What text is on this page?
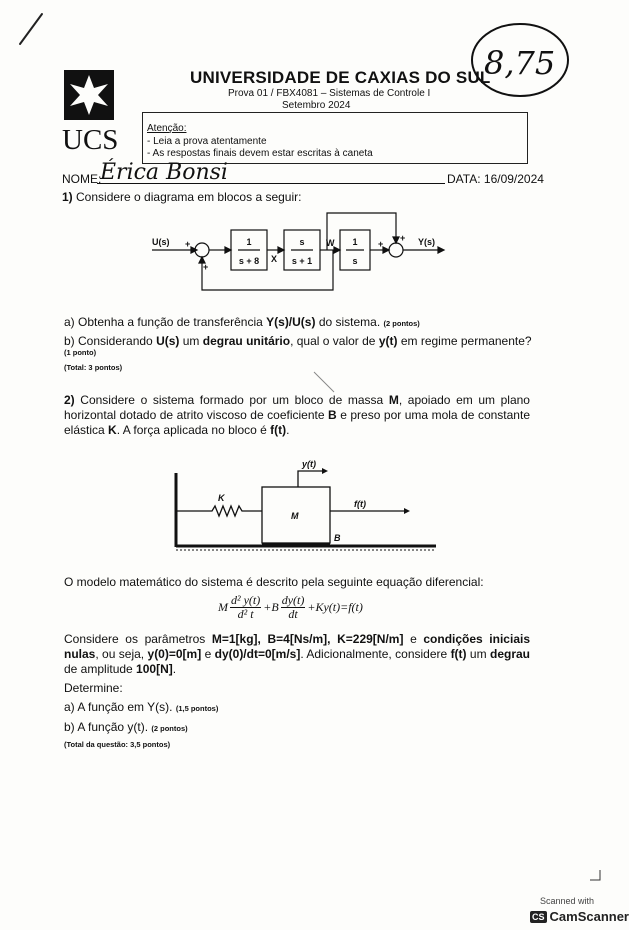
UCS
UNIVERSIDADE DE CAXIAS DO SUL
Prova 01 / FBX4081 – Sistemas de Controle I
Setembro 2024
8,75
Atenção:
- Leia a prova atentamente
- As respostas finais devem estar escritas à caneta
NOME:
Érica Bonsi	DATA: 16/09/2024
1) Considere o diagrama em blocos a seguir:
U(s)	Y(s)
1
s + 8
s
s + 1
1
s
X
W
+
+
+
+
a) Obtenha a função de transferência Y(s)/U(s) do sistema. (2 pontos)
b) Considerando U(s) um degrau unitário, qual o valor de y(t) em regime permanente?
(1 ponto)
(Total: 3 pontos)
2) Considere o sistema formado por um bloco de massa M, apoiado em um plano horizontal dotado de atrito viscoso de coeficiente B e preso por uma mola de constante elástica K. A força aplicada no bloco é f(t).
K
M
B
y(t)
f(t)
O modelo matemático do sistema é descrito pela seguinte equação diferencial:
M $\frac{\text{d² y(t)}}{\text{d² t}} +B \frac{dy(t)}{dt} +Ky(t)=f(t)$
Considere os parâmetros M=1[kg], B=4[Ns/m], K=229[N/m] e condições iniciais nulas, ou seja, y(0)=0[m] e dy(0)/dt=0[m/s]. Adicionalmente, considere f(t) um degrau de amplitude 100[N].
Determine:
a) A função em Y(s). (1,5 pontos)
b) A função y(t). (2 pontos)
(Total da questão: 3,5 pontos)
Scanned with
CS CamScanner
